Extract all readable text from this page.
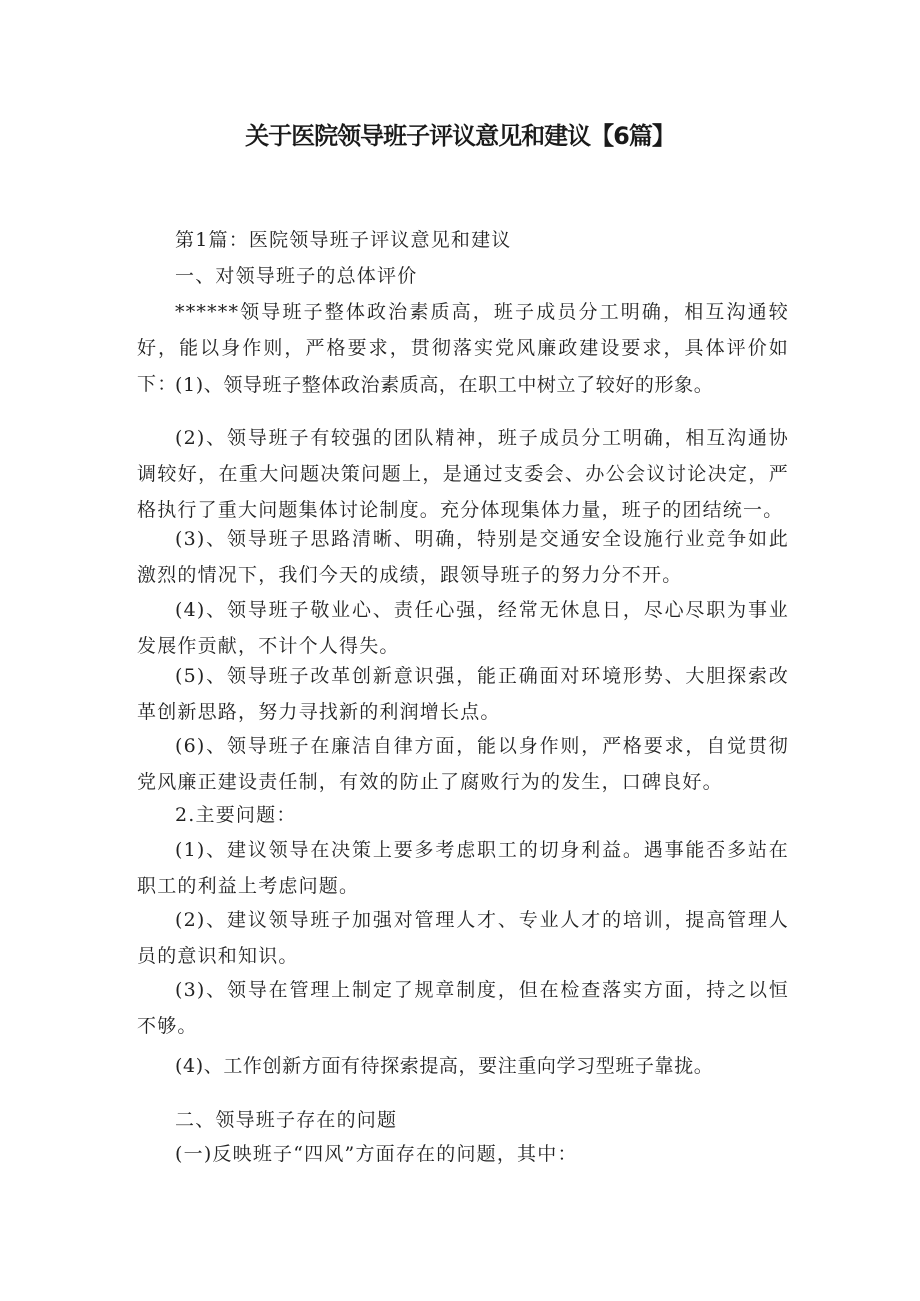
关于医院领导班子评议意见和建议【6篇】
第1篇：医院领导班子评议意见和建议
一、对领导班子的总体评价
******领导班子整体政治素质高，班子成员分工明确，相互沟通较好，能以身作则，严格要求，贯彻落实党风廉政建设要求，具体评价如下：
(1)、领导班子整体政治素质高，在职工中树立了较好的形象。
(2)、领导班子有较强的团队精神，班子成员分工明确，相互沟通协调较好，在重大问题决策问题上，是通过支委会、办公会议讨论决定，严格执行了重大问题集体讨论制度。充分体现集体力量，班子的团结统一。
(3)、领导班子思路清晰、明确，特别是交通安全设施行业竞争如此激烈的情况下，我们今天的成绩，跟领导班子的努力分不开。
(4)、领导班子敬业心、责任心强，经常无休息日，尽心尽职为事业发展作贡献，不计个人得失。
(5)、领导班子改革创新意识强，能正确面对环境形势、大胆探索改革创新思路，努力寻找新的利润增长点。
(6)、领导班子在廉洁自律方面，能以身作则，严格要求，自觉贯彻党风廉正建设责任制，有效的防止了腐败行为的发生，口碑良好。
2.主要问题：
(1)、建议领导在决策上要多考虑职工的切身利益。遇事能否多站在职工的利益上考虑问题。
(2)、建议领导班子加强对管理人才、专业人才的培训，提高管理人员的意识和知识。
(3)、领导在管理上制定了规章制度，但在检查落实方面，持之以恒不够。
(4)、工作创新方面有待探索提高，要注重向学习型班子靠拢。
二、领导班子存在的问题
(一)反映班子“四风”方面存在的问题，其中：
